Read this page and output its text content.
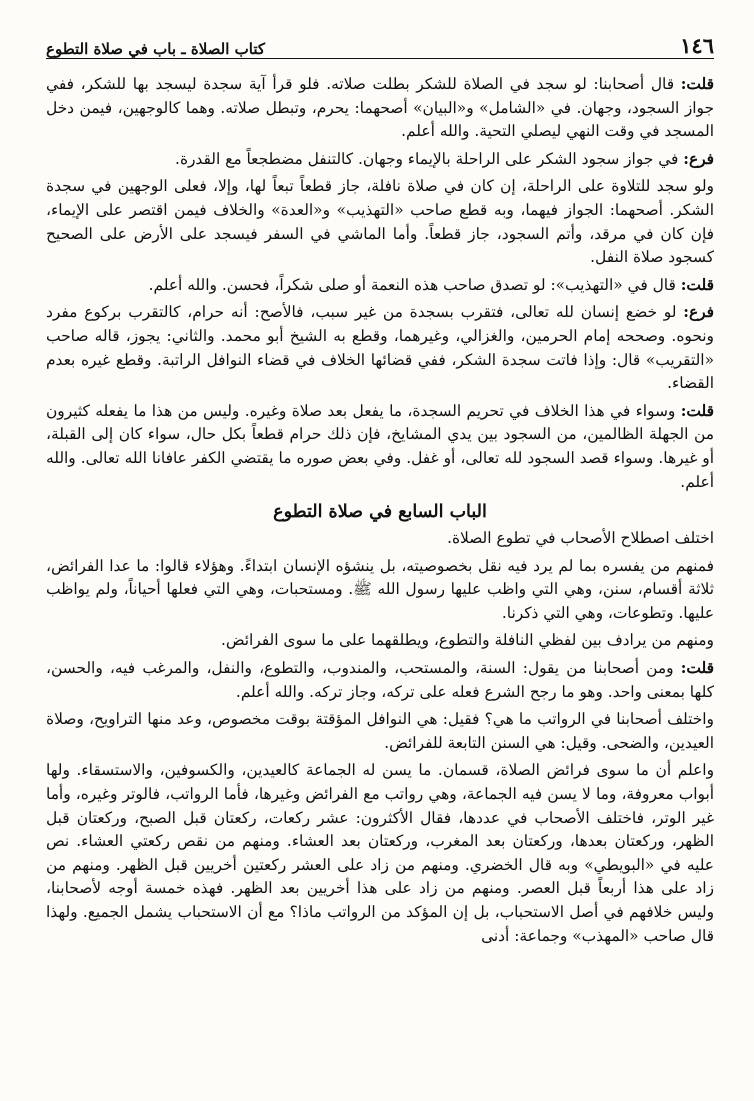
١٤٦
كتاب الصلاة ـ باب في صلاة التطوع

قلت: قال أصحابنا: لو سجد في الصلاة للشكر بطلت صلاته. فلو قرأ آية سجدة ليسجد بها للشكر، ففي جواز السجود، وجهان. في «الشامل» و«البيان» أصحهما: يحرم، وتبطل صلاته. وهما كالوجهين، فيمن دخل المسجد في وقت النهي ليصلي التحية. والله أعلم.

فرع: في جواز سجود الشكر على الراحلة بالإيماء وجهان. كالتنفل مضطجعاً مع القدرة.

ولو سجد للتلاوة على الراحلة، إن كان في صلاة نافلة، جاز قطعاً تبعاً لها، وإلا، فعلى الوجهين في سجدة الشكر. أصحهما: الجواز فيهما، وبه قطع صاحب «التهذيب» و«العدة» والخلاف فيمن اقتصر على الإيماء، فإن كان في مرقد، وأتم السجود، جاز قطعاً. وأما الماشي في السفر فيسجد على الأرض على الصحيح كسجود صلاة النفل.

قلت: قال في «التهذيب»: لو تصدق صاحب هذه النعمة أو صلى شكراً، فحسن. والله أعلم.

فرع: لو خضع إنسان لله تعالى، فتقرب بسجدة من غير سبب، فالأصح: أنه حرام، كالتقرب بركوع مفرد ونحوه. وصححه إمام الحرمين، والغزالي، وغيرهما، وقطع به الشيخ أبو محمد. والثاني: يجوز، قاله صاحب «التقريب» قال: وإذا فاتت سجدة الشكر، ففي قضائها الخلاف في قضاء النوافل الراتبة. وقطع غيره بعدم القضاء.

قلت: وسواء في هذا الخلاف في تحريم السجدة، ما يفعل بعد صلاة وغيره. وليس من هذا ما يفعله كثيرون من الجهلة الظالمين، من السجود بين يدي المشايخ، فإن ذلك حرام قطعاً بكل حال، سواء كان إلى القبلة، أو غيرها. وسواء قصد السجود لله تعالى، أو غفل. وفي بعض صوره ما يقتضي الكفر عافانا الله تعالى. والله أعلم.

الباب السابع في صلاة التطوع

اختلف اصطلاح الأصحاب في تطوع الصلاة.

فمنهم من يفسره بما لم يرد فيه نقل بخصوصيته، بل ينشؤه الإنسان ابتداءً. وهؤلاء قالوا: ما عدا الفرائض، ثلاثة أقسام، سنن، وهي التي واظب عليها رسول الله ﷺ. ومستحبات، وهي التي فعلها أحياناً، ولم يواظب عليها. وتطوعات، وهي التي ذكرنا.

ومنهم من يرادف بين لفظي النافلة والتطوع، ويطلقهما على ما سوى الفرائض.

قلت: ومن أصحابنا من يقول: السنة، والمستحب، والمندوب، والتطوع، والنفل، والمرغب فيه، والحسن، كلها بمعنى واحد. وهو ما رجح الشرع فعله على تركه، وجاز تركه. والله أعلم.

واختلف أصحابنا في الرواتب ما هي؟ فقيل: هي النوافل المؤقتة بوقت مخصوص، وعد منها التراويح، وصلاة العيدين، والضحى. وقيل: هي السنن التابعة للفرائض.

واعلم أن ما سوى فرائض الصلاة، قسمان. ما يسن له الجماعة كالعيدين، والكسوفين، والاستسقاء. ولها أبواب معروفة، وما لا يسن فيه الجماعة، وهي رواتب مع الفرائض وغيرها، فأما الرواتب، فالوتر وغيره، وأما غير الوتر، فاختلف الأصحاب في عددها، فقال الأكثرون: عشر ركعات، ركعتان قبل الصبح، وركعتان قبل الظهر، وركعتان بعدها، وركعتان بعد المغرب، وركعتان بعد العشاء. ومنهم من نقص ركعتي العشاء. نص عليه في «البويطي» وبه قال الخضري. ومنهم من زاد على العشر ركعتين أخريين قبل الظهر. ومنهم من زاد على هذا أربعاً قبل العصر. ومنهم من زاد على هذا أخريين بعد الظهر. فهذه خمسة أوجه لأصحابنا، وليس خلافهم في أصل الاستحباب، بل إن المؤكد من الرواتب ماذا؟ مع أن الاستحباب يشمل الجميع. ولهذا قال صاحب «المهذب» وجماعة: أدنى
